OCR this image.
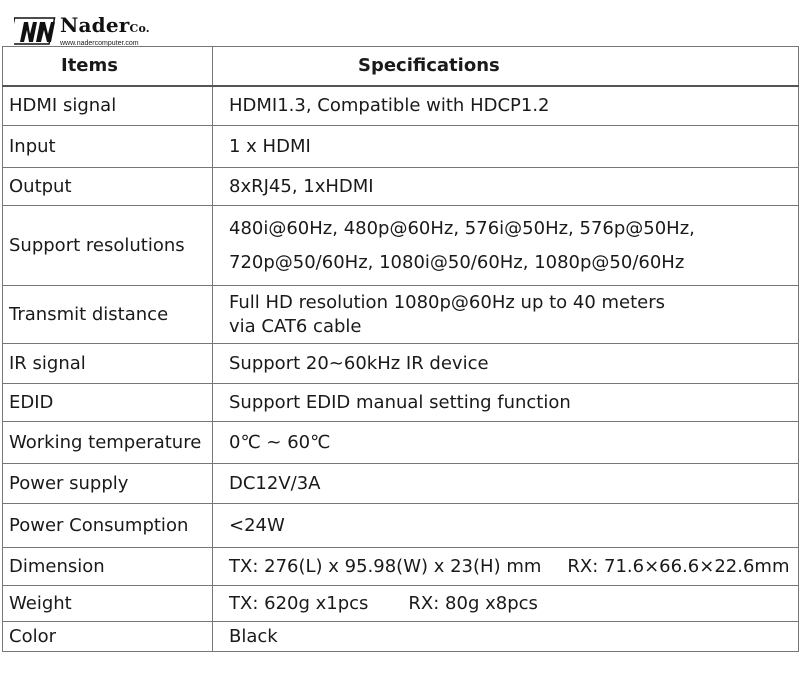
NaderCo.
www.nadercomputer.com
Items	Specifications
HDMI signal	HDMI1.3, Compatible with HDCP1.2
Input	1 x HDMI
Output	8xRJ45, 1xHDMI
Support resolutions	480i@60Hz, 480p@60Hz, 576i@50Hz, 576p@50Hz,
720p@50/60Hz, 1080i@50/60Hz, 1080p@50/60Hz

Transmit distance	Full HD resolution 1080p@60Hz up to 40 meters
via CAT6 cable

IR signal	Support 20~60kHz IR device
EDID	Support EDID manual setting function
Working temperature	0℃ ~ 60℃
Power supply	DC12V/3A
Power Consumption	<24W
Dimension	TX: 276(L) x 95.98(W) x 23(H) mm RX: 71.6×66.6×22.6mm
Weight	TX: 620g x1pcs RX: 80g x8pcs
Color	Black
